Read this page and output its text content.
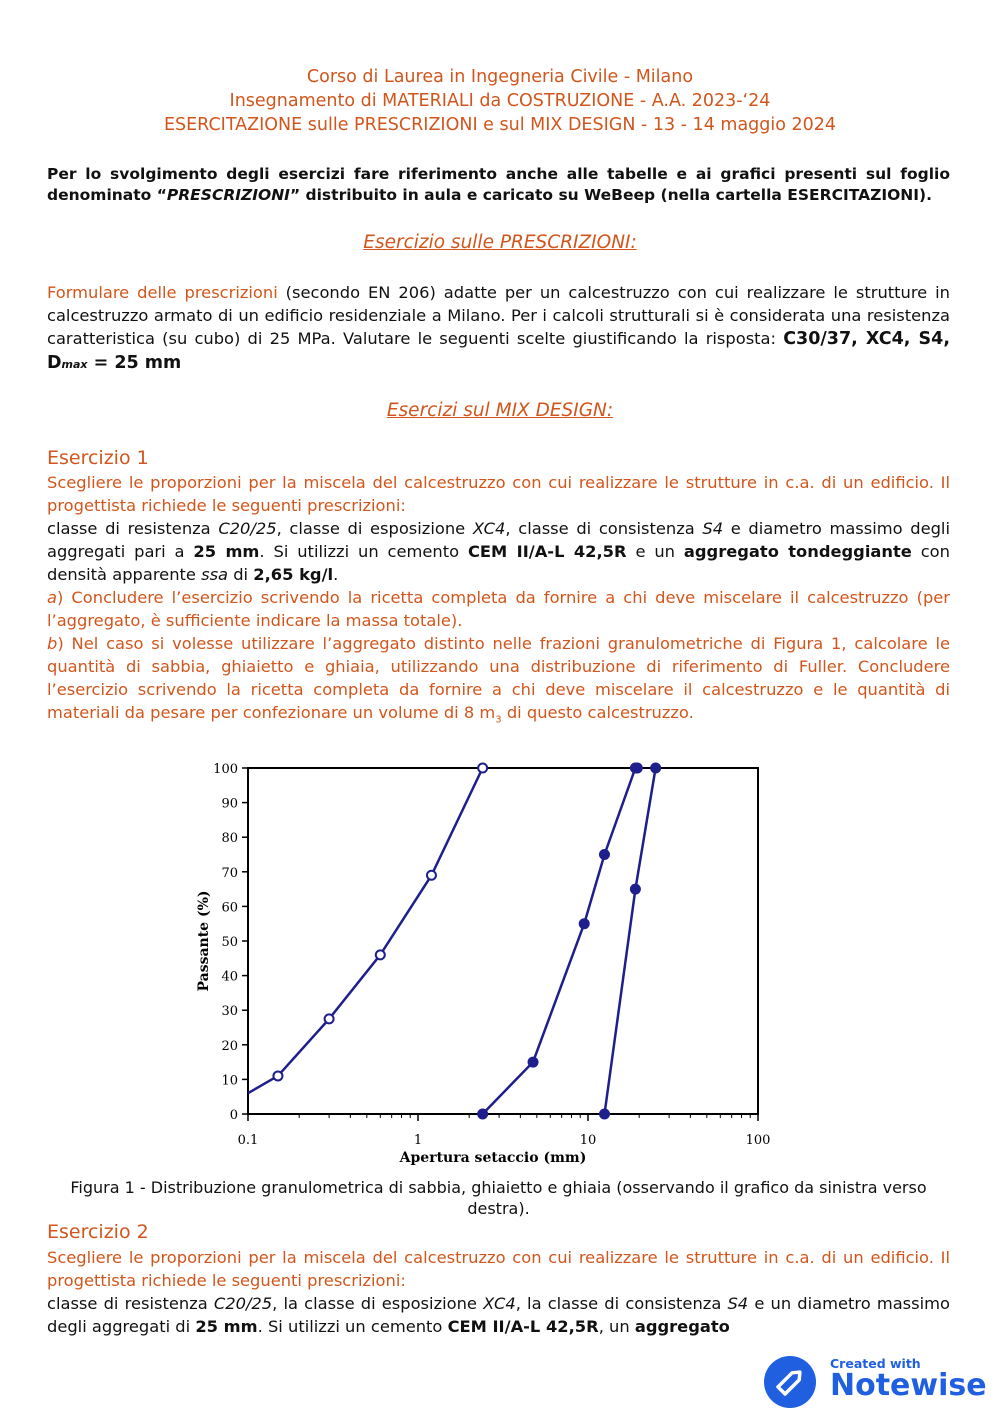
Corso di Laurea in Ingegneria Civile - Milano
Insegnamento di MATERIALI da COSTRUZIONE - A.A. 2023-‘24
ESERCITAZIONE sulle PRESCRIZIONI e sul MIX DESIGN - 13 - 14 maggio 2024
Per lo svolgimento degli esercizi fare riferimento anche alle tabelle e ai grafici presenti sul foglio denominato “PRESCRIZIONI” distribuito in aula e caricato su WeBeep (nella cartella ESERCITAZIONI).
Esercizio sulle PRESCRIZIONI:
Formulare delle prescrizioni (secondo EN 206) adatte per un calcestruzzo con cui realizzare le strutture in calcestruzzo armato di un edificio residenziale a Milano. Per i calcoli strutturali si è considerata una resistenza caratteristica (su cubo) di 25 MPa. Valutare le seguenti scelte giustificando la risposta: C30/37, XC4, S4, Dmax = 25 mm
Esercizi sul MIX DESIGN:
Esercizio 1
Scegliere le proporzioni per la miscela del calcestruzzo con cui realizzare le strutture in c.a. di un edificio. Il progettista richiede le seguenti prescrizioni:
classe di resistenza C20/25, classe di esposizione XC4, classe di consistenza S4 e diametro massimo degli aggregati pari a 25 mm. Si utilizzi un cemento CEM II/A-L 42,5R e un aggregato tondeggiante con densità apparente ssa di 2,65 kg/l.
a) Concludere l’esercizio scrivendo la ricetta completa da fornire a chi deve miscelare il calcestruzzo (per l’aggregato, è sufficiente indicare la massa totale).
b) Nel caso si volesse utilizzare l’aggregato distinto nelle frazioni granulometriche di Figura 1, calcolare le quantità di sabbia, ghiaietto e ghiaia, utilizzando una distribuzione di riferimento di Fuller. Concludere l’esercizio scrivendo la ricetta completa da fornire a chi deve miscelare il calcestruzzo e le quantità di materiali da pesare per confezionare un volume di 8 $m_3$ di questo calcestruzzo.
0
10
20
30
40
50
60
70
80
90
100
0.1	1	10	100
Apertura setaccio (mm)
Passante (%)
Figura 1 - Distribuzione granulometrica di sabbia, ghiaietto e ghiaia (osservando il grafico da sinistra verso destra).
Esercizio 2
Scegliere le proporzioni per la miscela del calcestruzzo con cui realizzare le strutture in c.a. di un edificio. Il progettista richiede le seguenti prescrizioni:
classe di resistenza C20/25, la classe di esposizione XC4, la classe di consistenza S4 e un diametro massimo degli aggregati di 25 mm. Si utilizzi un cemento CEM II/A-L 42,5R, un aggregato
Created with
Notewise
